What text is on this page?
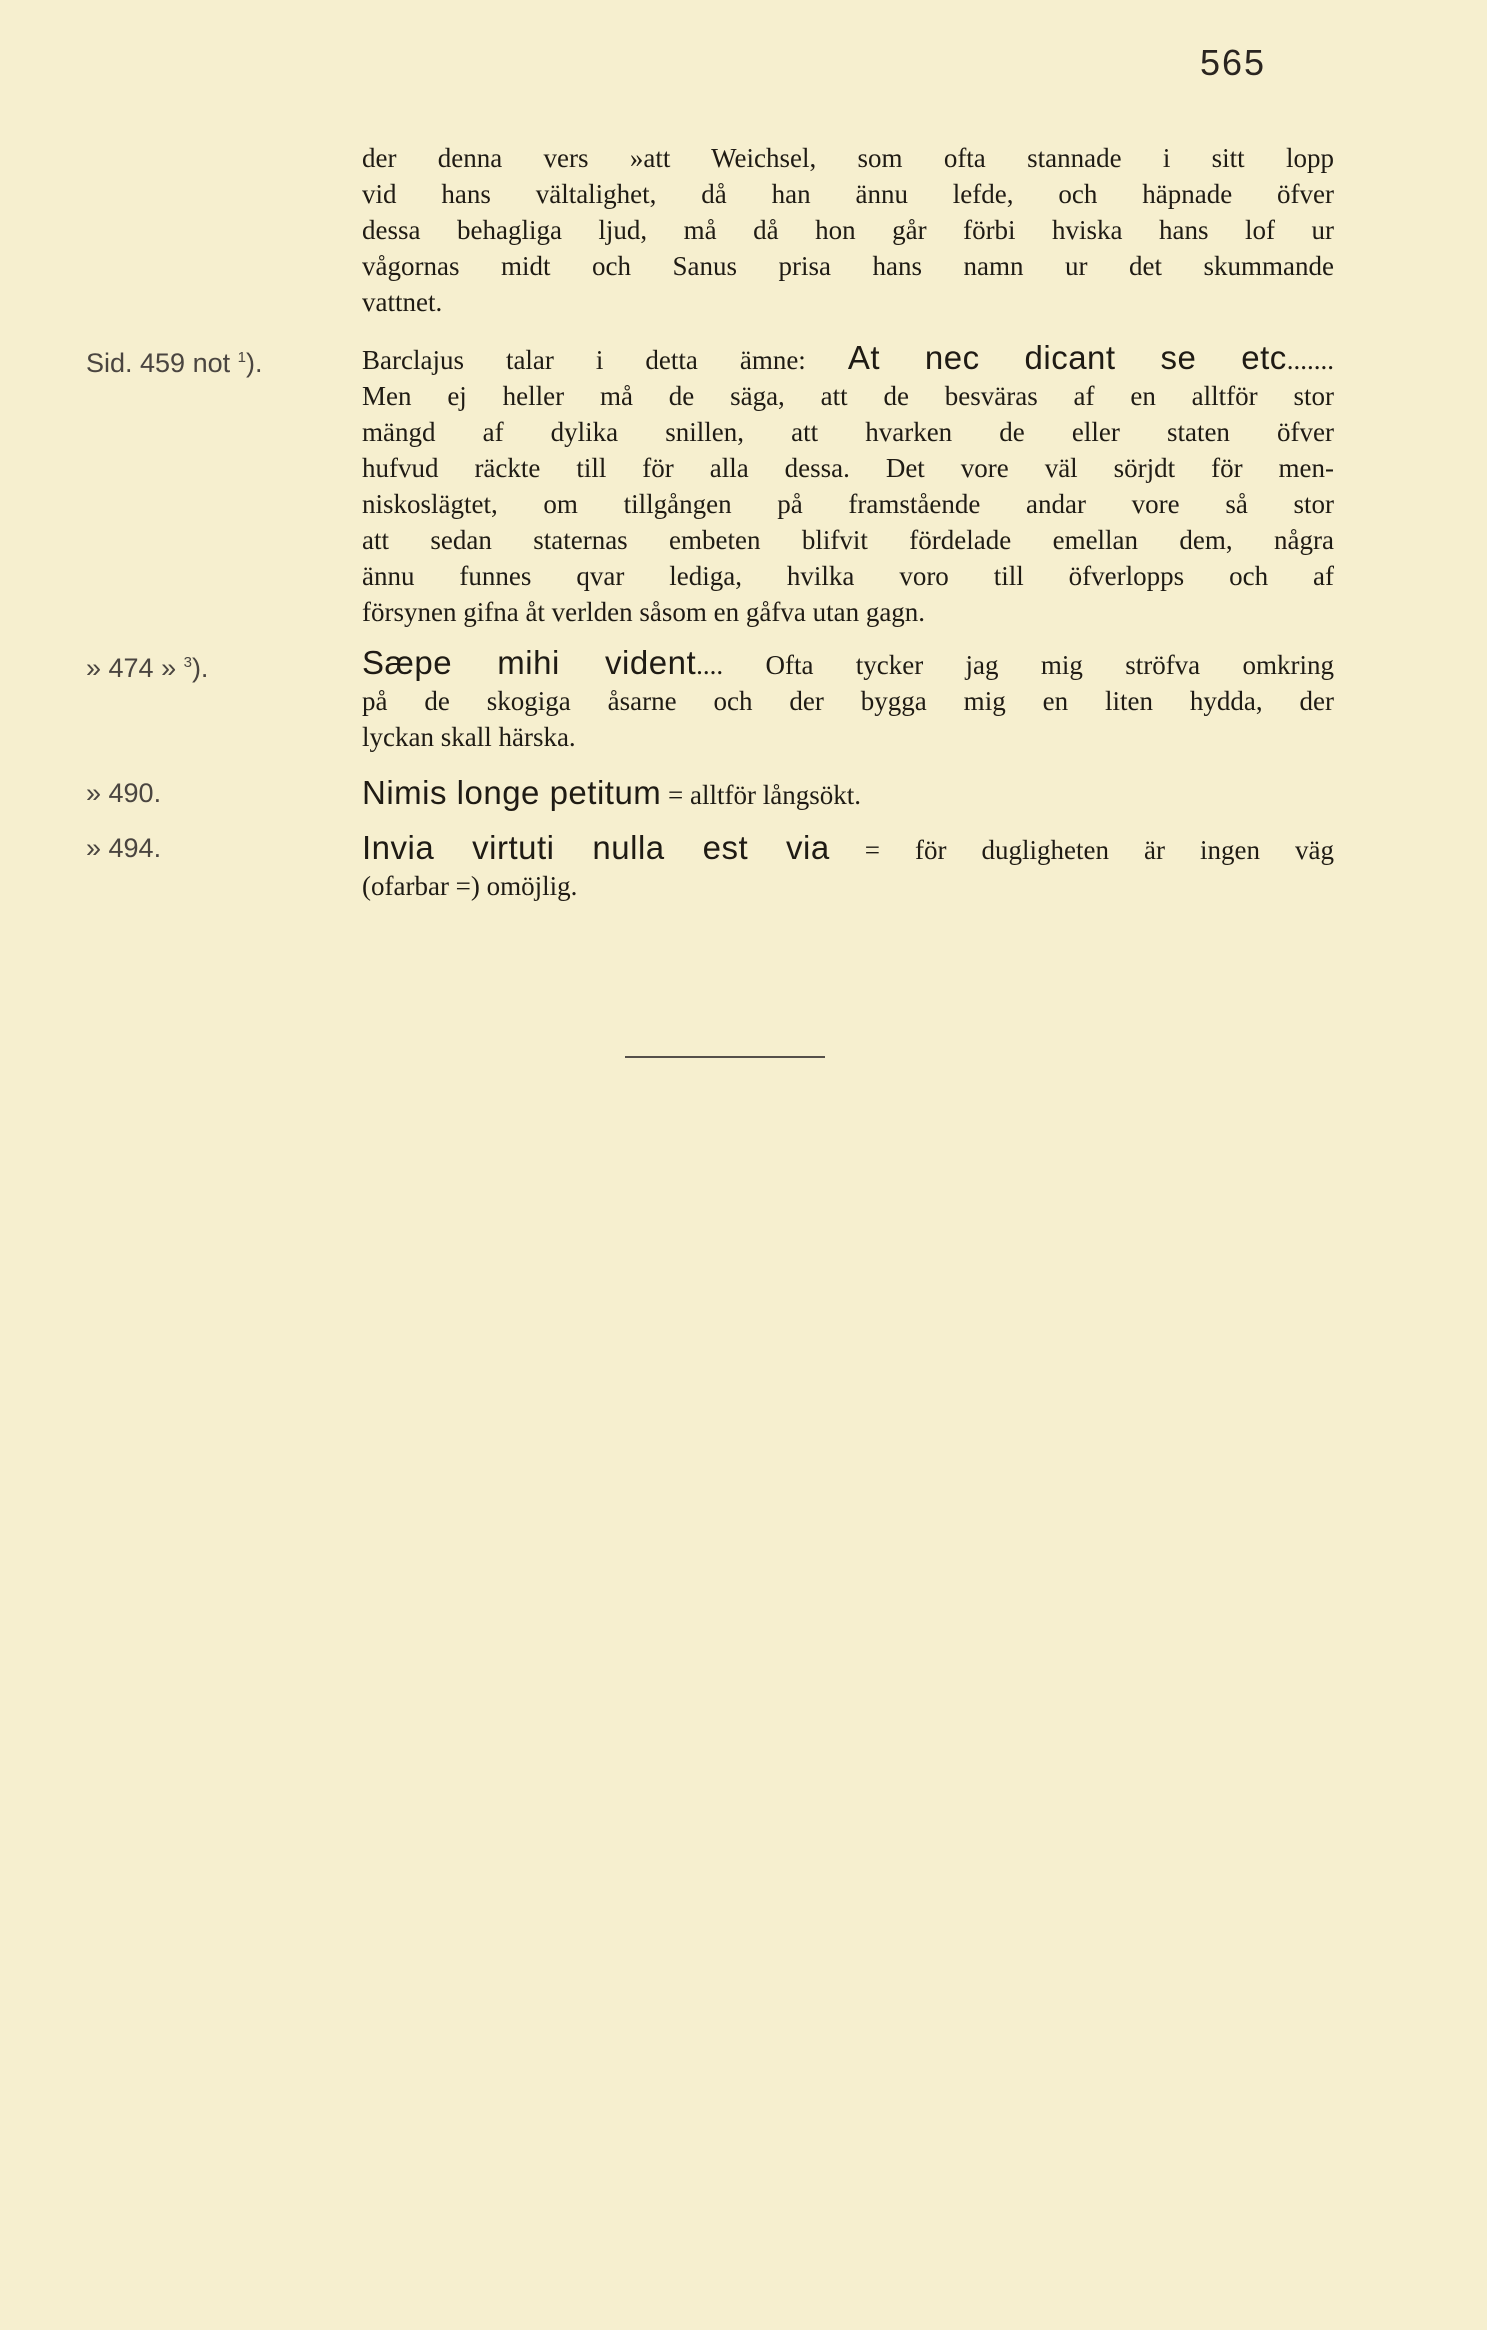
565
der denna vers »att Weichsel, som ofta stannade i sitt lopp
vid hans vältalighet, då han ännu lefde, och häpnade öfver
dessa behagliga ljud, må då hon går förbi hviska hans lof ur
vågornas midt och Sanus prisa hans namn ur det skummande
vattnet.
Sid. 459 not $^1$).	Barclajus talar i detta ämne: At nec dicant se etc.......
Men ej heller må de säga, att de besväras af en alltför stor
mängd af dylika snillen, att hvarken de eller staten öfver
hufvud räckte till för alla dessa. Det vore väl sörjdt för men-
niskoslägtet, om tillgången på framstående andar vore så stor
att sedan staternas embeten blifvit fördelade emellan dem, några
ännu funnes qvar lediga, hvilka voro till öfverlopps och af
försynen gifna åt verlden såsom en gåfva utan gagn.
» 474 » $^3$).	Sæpe mihi vident.... Ofta tycker jag mig ströfva omkring
på de skogiga åsarne och der bygga mig en liten hydda, der
lyckan skall härska.
» 490.	Nimis longe petitum = alltför långsökt.
» 494.	Invia virtuti nulla est via = för dugligheten är ingen väg
(ofarbar =) omöjlig.
